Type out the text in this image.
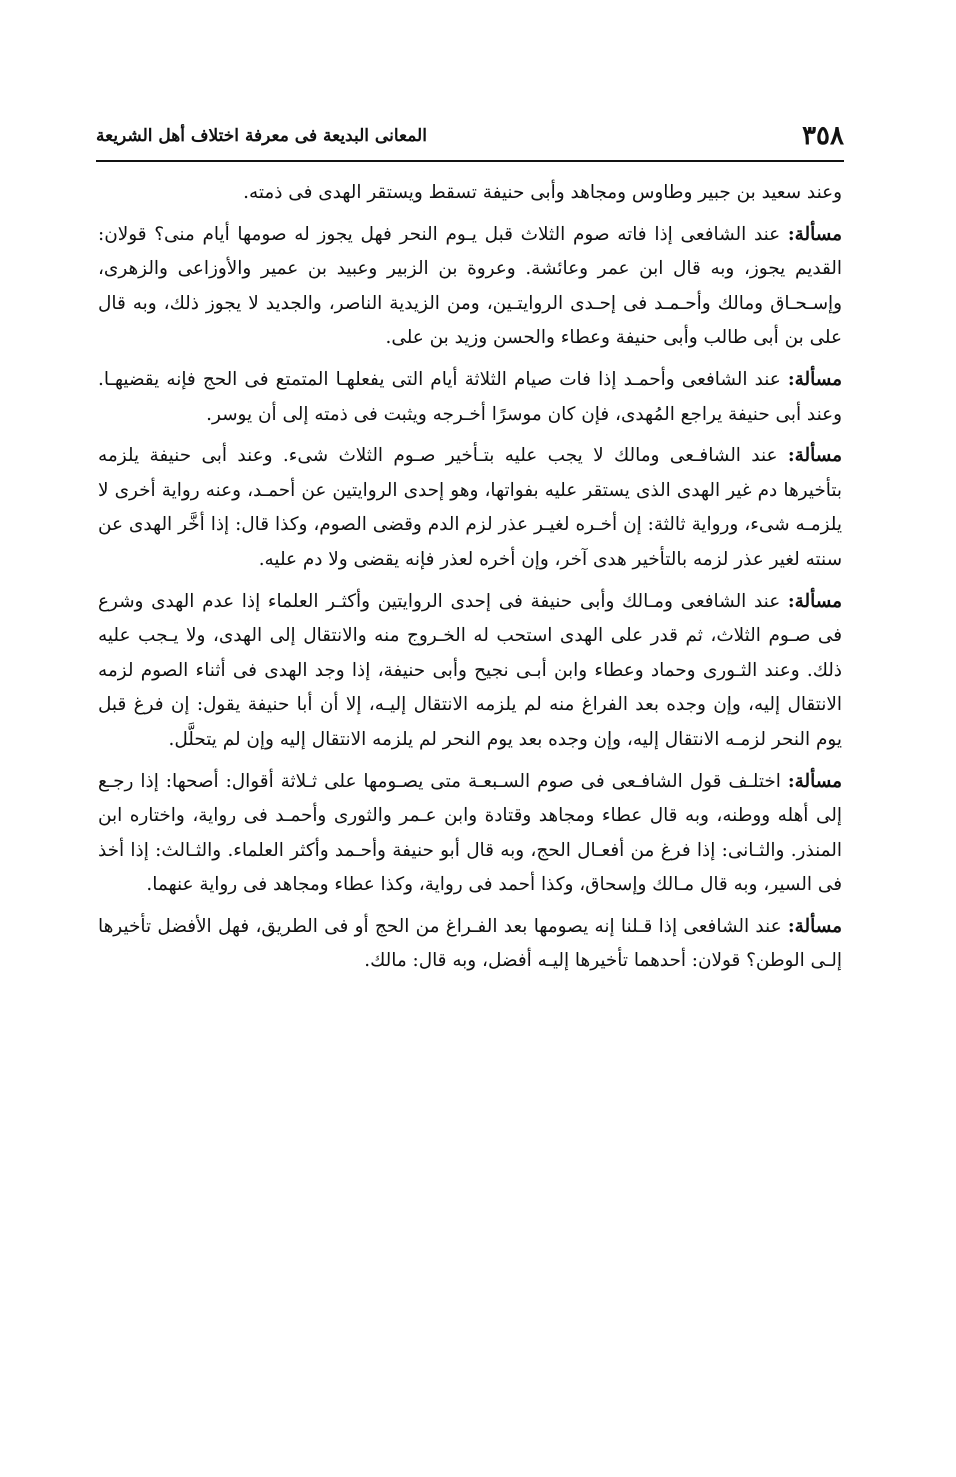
٣٥٨
المعانى البديعة فى معرفة اختلاف أهل الشريعة

وعند سعيد بن جبير وطاوس ومجاهد وأبى حنيفة تسقط ويستقر الهدى فى ذمته.

مسألة: عند الشافعى إذا فاته صوم الثلاث قبل يـوم النحر فهل يجوز له صومها أيام منى؟ قولان: القديم يجوز، وبه قال ابن عمر وعائشة. وعروة بن الزبير وعبيد بن عمير والأوزاعى والزهرى، وإسـحـاق ومالك وأحـمـد فى إحـدى الروايتـين، ومن الزيدية الناصر، والجديد لا يجوز ذلك، وبه قال على بن أبى طالب وأبى حنيفة وعطاء والحسن وزيد بن على.

مسألة: عند الشافعى وأحمـد إذا فات صيام الثلاثة أيام التى يفعلهـا المتمتع فى الحج فإنه يقضيهـا. وعند أبى حنيفة يراجع المُهدى، فإن كان موسرًا أخـرجه ويثبت فى ذمته إلى أن يوسر.

مسألة: عند الشافـعى ومالك لا يجب عليه بتـأخير صـوم الثلاث شىء. وعند أبى حنيفة يلزمه بتأخيرها دم غير الهدى الذى يستقر عليه بفواتها، وهو إحدى الروايتين عن أحمـد، وعنه رواية أخرى لا يلزمـه شىء، ورواية ثالثة: إن أخـره لغيـر عذر لزم الدم وقضى الصوم، وكذا قال: إذا أخَّر الهدى عن سنته لغير عذر لزمه بالتأخير هدى آخر، وإن أخره لعذر فإنه يقضى ولا دم عليه.

مسألة: عند الشافعى ومـالك وأبى حنيفة فى إحدى الروايتين وأكثـر العلماء إذا عدم الهدى وشرع فى صـوم الثلاث، ثم قدر على الهدى استحب له الخـروج منه والانتقال إلى الهدى، ولا يـجب عليه ذلك. وعند الثـورى وحماد وعطاء وابن أبـى نجيح وأبى حنيفة، إذا وجد الهدى فى أثناء الصوم لزمه الانتقال إليه، وإن وجده بعد الفراغ منه لم يلزمه الانتقال إليـه، إلا أن أبا حنيفة يقول: إن فرغ قبل يوم النحر لزمـه الانتقال إليه، وإن وجده بعد يوم النحر لم يلزمه الانتقال إليه وإن لم يتحلَّل.

مسألة: اختلـف قول الشافـعى فى صوم السـبعـة متى يصـومها على ثـلاثة أقوال: أصحها: إذا رجـع إلى أهله ووطنه، وبه قال عطاء ومجاهد وقتادة وابن عـمر والثورى وأحمـد فى رواية، واختاره ابن المنذر. والثـانى: إذا فرغ من أفعـال الحج، وبه قال أبو حنيفة وأحـمد وأكثر العلماء. والثـالث: إذا أخذ فى السير، وبه قال مـالك وإسحاق، وكذا أحمد فى رواية، وكذا عطاء ومجاهد فى رواية عنهما.

مسألة: عند الشافعى إذا قـلنا إنه يصومها بعد الفـراغ من الحج أو فى الطريق، فهل الأفضل تأخيرها إلـى الوطن؟ قولان: أحدهما تأخيرها إليـه أفضل، وبه قال: مالك.
